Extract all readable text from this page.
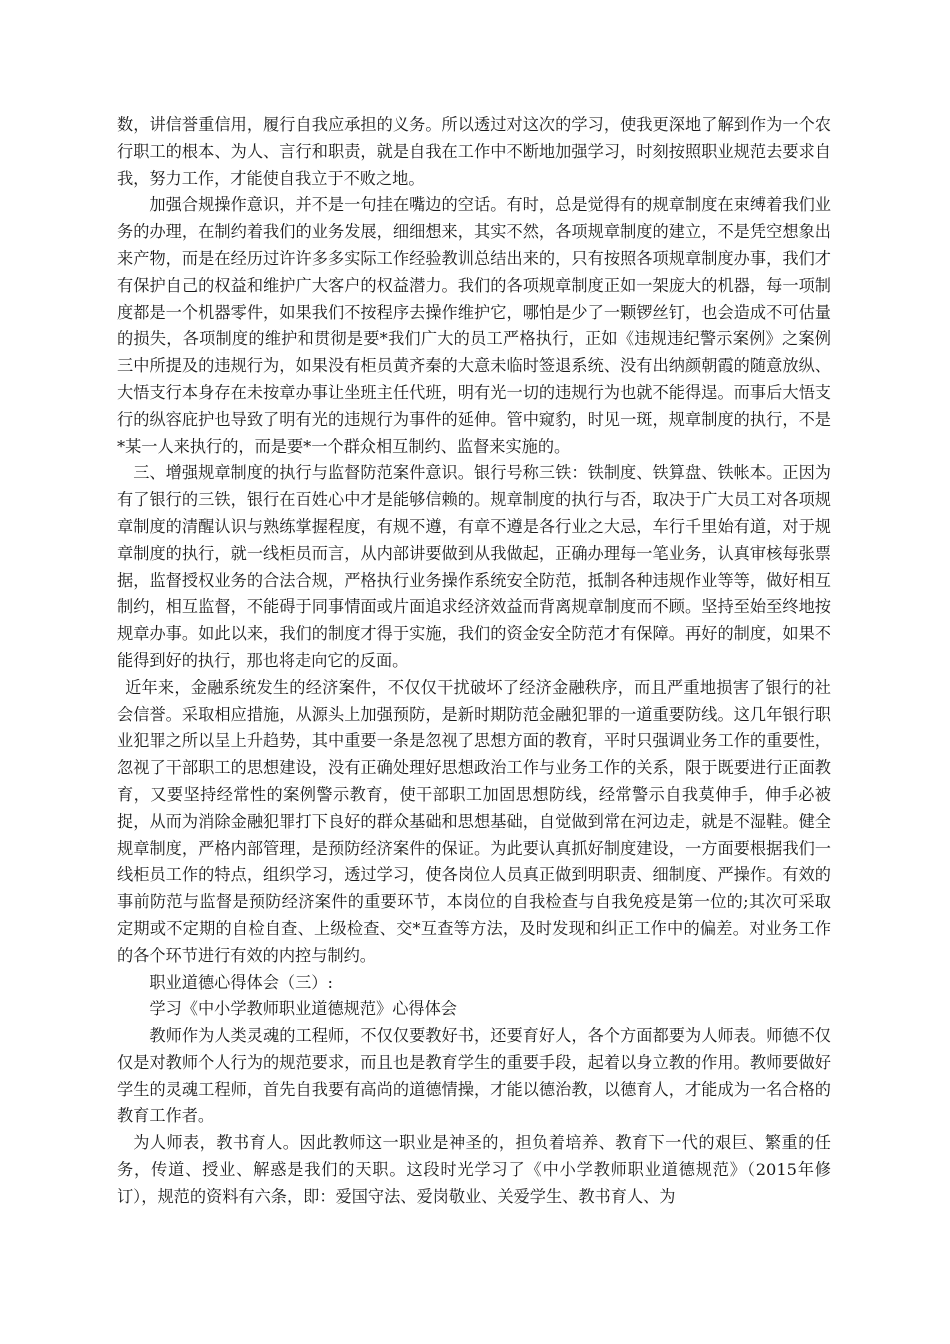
数，讲信誉重信用，履行自我应承担的义务。所以透过对这次的学习，使我更深地了解到作为一个农行职工的根本、为人、言行和职责，就是自我在工作中不断地加强学习，时刻按照职业规范去要求自我，努力工作，才能使自我立于不败之地。

加强合规操作意识，并不是一句挂在嘴边的空话。有时，总是觉得有的规章制度在束缚着我们业务的办理，在制约着我们的业务发展，细细想来，其实不然，各项规章制度的建立，不是凭空想象出来产物，而是在经历过许许多多实际工作经验教训总结出来的，只有按照各项规章制度办事，我们才有保护自己的权益和维护广大客户的权益潜力。我们的各项规章制度正如一架庞大的机器，每一项制度都是一个机器零件，如果我们不按程序去操作维护它，哪怕是少了一颗锣丝钉，也会造成不可估量的损失，各项制度的维护和贯彻是要*我们广大的员工严格执行，正如《违规违纪警示案例》之案例三中所提及的违规行为，如果没有柜员黄齐秦的大意未临时签退系统、没有出纳颜朝霞的随意放纵、大悟支行本身存在未按章办事让坐班主任代班，明有光一切的违规行为也就不能得逞。而事后大悟支行的纵容庇护也导致了明有光的违规行为事件的延伸。管中窥豹，时见一斑，规章制度的执行，不是*某一人来执行的，而是要*一个群众相互制约、监督来实施的。

三、增强规章制度的执行与监督防范案件意识。银行号称三铁：铁制度、铁算盘、铁帐本。正因为有了银行的三铁，银行在百姓心中才是能够信赖的。规章制度的执行与否，取决于广大员工对各项规章制度的清醒认识与熟练掌握程度，有规不遵，有章不遵是各行业之大忌，车行千里始有道，对于规章制度的执行，就一线柜员而言，从内部讲要做到从我做起，正确办理每一笔业务，认真审核每张票据，监督授权业务的合法合规，严格执行业务操作系统安全防范，抵制各种违规作业等等，做好相互制约，相互监督，不能碍于同事情面或片面追求经济效益而背离规章制度而不顾。坚持至始至终地按规章办事。如此以来，我们的制度才得于实施，我们的资金安全防范才有保障。再好的制度，如果不能得到好的执行，那也将走向它的反面。

近年来，金融系统发生的经济案件，不仅仅干扰破坏了经济金融秩序，而且严重地损害了银行的社会信誉。采取相应措施，从源头上加强预防，是新时期防范金融犯罪的一道重要防线。这几年银行职业犯罪之所以呈上升趋势，其中重要一条是忽视了思想方面的教育，平时只强调业务工作的重要性，忽视了干部职工的思想建设，没有正确处理好思想政治工作与业务工作的关系，限于既要进行正面教育，又要坚持经常性的案例警示教育，使干部职工加固思想防线，经常警示自我莫伸手，伸手必被捉，从而为消除金融犯罪打下良好的群众基础和思想基础，自觉做到常在河边走，就是不湿鞋。健全规章制度，严格内部管理，是预防经济案件的保证。为此要认真抓好制度建设，一方面要根据我们一线柜员工作的特点，组织学习，透过学习，使各岗位人员真正做到明职责、细制度、严操作。有效的事前防范与监督是预防经济案件的重要环节，本岗位的自我检查与自我免疫是第一位的;其次可采取定期或不定期的自检自查、上级检查、交*互查等方法，及时发现和纠正工作中的偏差。对业务工作的各个环节进行有效的内控与制约。

职业道德心得体会（三）:

学习《中小学教师职业道德规范》心得体会

教师作为人类灵魂的工程师，不仅仅要教好书，还要育好人，各个方面都要为人师表。师德不仅仅是对教师个人行为的规范要求，而且也是教育学生的重要手段，起着以身立教的作用。教师要做好学生的灵魂工程师，首先自我要有高尚的道德情操，才能以德治教，以德育人，才能成为一名合格的教育工作者。

为人师表，教书育人。因此教师这一职业是神圣的，担负着培养、教育下一代的艰巨、繁重的任务，传道、授业、解惑是我们的天职。这段时光学习了《中小学教师职业道德规范》（2015年修订），规范的资料有六条，即：爱国守法、爱岗敬业、关爱学生、教书育人、为
